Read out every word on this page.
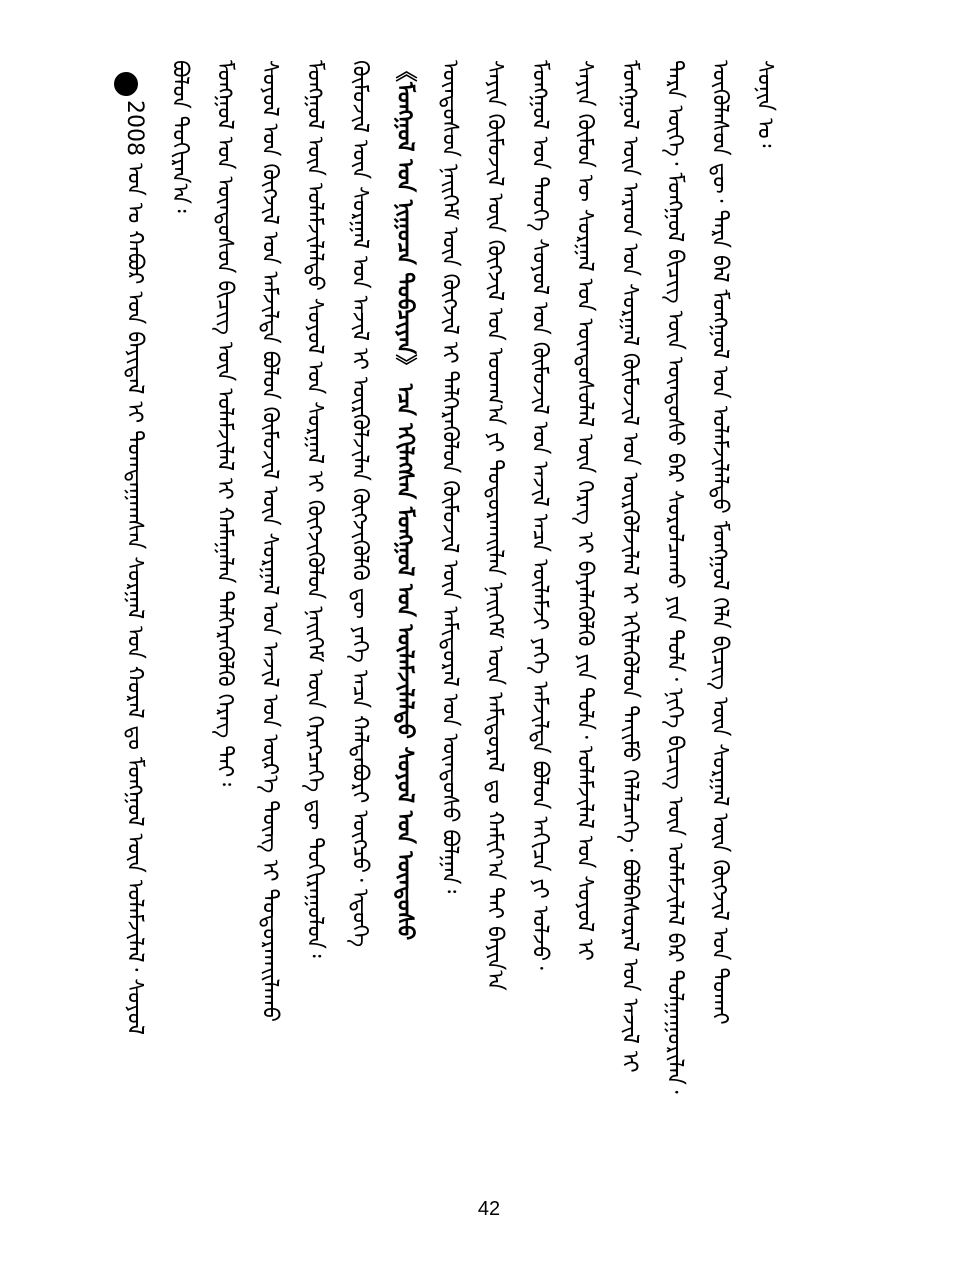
ᠰᠣᠨᠢᠨ ᠤ᠄
ᠦᠭᠦᠯᠡᠰᠦᠨ ᠳᠦ᠂ ᠲᠡᠷᠡ ᠪᠡᠯ ᠮᠣᠩᠭᠣᠯ ᠤᠨ ᠤᠯᠠᠮᠵᠢᠯᠠᠯᠳᠣ ᠮᠣᠩᠭᠣᠯ ᠬᠡᠯᠡ ᠪᠢᠴᠢᠭ ᠦᠨ ᠰᠤᠷᠭᠠᠯ ᠦᠨ ᠬᠥᠭᠵᠢᠯ ᠤᠨ ᠲᠤᠬᠠᠢ
ᠲᠡᠷᠡ ᠦᠭᠡ᠂ ᠮᠣᠩᠭᠣᠯ ᠪᠢᠴᠢᠭ ᠦᠨ ᠦᠨᠳᠦᠰᠦ ᠪᠠᠷ ᠰᠤᠷᠤᠯᠴᠠᠬᠤ ᠶᠢᠨ ᠲᠤᠯᠠ᠂ ᠨᠢᠭᠡ ᠪᠢᠴᠢᠭ ᠦᠨ ᠤᠯᠠᠮᠵᠢᠯᠠᠯ ᠪᠠᠷ ᠲᠤᠯᠭᠠᠭᠤᠷᠢᠯᠠᠨ᠂
ᠮᠣᠩᠭᠣᠯ ᠦᠨ ᠠᠷᠠᠳ ᠤᠨ ᠰᠤᠷᠭᠠᠯ ᠬᠦᠮᠦᠵᠢᠯ ᠤᠨ ᠦᠷᠭᠦᠯᠵᠢᠯᠡᠯ ᠢ ᠡᠬᠢᠯᠡᠭᠦᠯᠦᠨ ᠲᠡᠶ᠋ᠢᠮᠦ ᠬᠡᠯᠡᠯᠴᠡᠭᠡ᠂ ᠪᠣᠯᠪᠠᠰᠤᠷᠠᠯ ᠤᠨ ᠠᠵᠢᠯ ᠢ
ᠰᠠᠶᠢᠨ ᠬᠦᠮᠦᠨ ᠦ ᠰᠤᠷᠭᠠᠯ ᠤᠨ ᠦᠨᠳᠦᠰᠦᠯᠡᠯ ᠦᠨ ᠬᠡᠷᠡᠭ ᠢ ᠪᠡᠶᠡᠯᠡᠭᠦᠯᠬᠦ ᠶᠢᠨ ᠲᠤᠯᠠ᠂ ᠤᠯᠠᠮᠵᠢᠯᠠᠯ ᠤᠨ ᠰᠣᠶᠤᠯ ᠢ
ᠮᠣᠩᠭᠣᠯ ᠤᠨ ᠲᠡᠦᠬᠡ ᠰᠣᠶᠤᠯ ᠤᠨ ᠬᠦᠮᠦᠵᠢᠯ ᠤᠨ ᠠᠵᠢᠯ ᠠᠴᠠ ᠦᠯᠡᠮᠵᠢ ᠶᠡᠬᠡ ᠠᠮᠵᠢᠯᠲᠠ ᠪᠣᠯᠤᠨ ᠠᠬᠢᠴᠠ ᠶᠢ ᠣᠯᠵᠤ᠂
ᠰᠠᠶᠢᠨ ᠬᠦᠮᠦᠵᠢᠯ ᠦᠨ ᠬᠥᠭᠵᠢᠯ ᠤᠨ ᠤᠳᠬ᠎ᠠ ᠶᠢ ᠲᠣᠳᠣᠷᠬᠠᠢᠯᠠᠨ ᠨᠡᠢᠭᠡᠮ ᠦᠨ ᠠᠮᠢᠳᠤᠷᠠᠯ ᠳᠤ ᠬᠠᠮᠢᠶ᠎ᠠ ᠲᠠᠢ ᠪᠠᠶᠢᠨ᠎ᠠ
ᠦᠨᠳᠦᠰᠦᠨ ᠨᠡᠢᠭᠡᠮ ᠦᠨ ᠬᠥᠭᠵᠢᠯ ᠢ ᠲᠡᠯᠭᠡᠷᠡᠭᠦᠯᠦᠨ ᠬᠦᠮᠦᠵᠢᠯ ᠦᠨ ᠠᠮᠢᠳᠤᠷᠠᠯ ᠤᠨ ᠦᠨᠳᠦᠰᠦ ᠪᠣᠯᠭᠠᠨ᠄
《ᠮᠣᠩᠭᠣᠯ ᠤᠨ ᠨᠢᠭᠤᠴᠠ ᠲᠣᠪᠴᠢᠶᠠᠨ》 ᠡᠴᠡ ᠡᠬᠢᠯᠡᠭᠰᠡᠨ ᠮᠣᠩᠭᠣᠯ ᠤᠨ ᠦᠯᠠᠮᠵᠢᠯᠠᠯᠲᠤ ᠰᠣᠶᠤᠯ ᠤᠨ ᠦᠨᠳᠦᠰᠦ
ᠬᠦᠮᠦᠵᠢᠯ ᠦᠨ ᠰᠤᠷᠭᠠᠯ ᠤᠨ ᠠᠵᠢᠯ ᠢ ᠦᠷᠭᠦᠯᠵᠢᠯᠡᠨ ᠬᠥᠭᠵᠢᠭᠦᠯᠬᠦ ᠳᠦ ᠶᠡᠬᠡ ᠠᠴᠠ ᠬᠠᠯᠳᠠᠪᠤᠷᠢ ᠥᠭᠴᠦ᠂ ᠡᠳᠦᠭᠡ
ᠮᠣᠩᠭᠣᠯ ᠦᠨ ᠤᠯᠠᠮᠵᠢᠯᠠᠯᠲᠤ ᠰᠣᠶᠤᠯ ᠤᠨ ᠰᠤᠷᠭᠠᠯ ᠢ ᠬᠥᠭᠵᠢᠭᠦᠯᠦᠨ ᠨᠡᠢᠭᠡᠮ ᠦᠨ ᠬᠡᠷᠡᠭᠴᠡᠭᠡ ᠳᠦ ᠲᠣᠬᠢᠷᠠᠭᠤᠯᠤᠨ᠄
ᠰᠣᠶᠤᠯ ᠤᠨ ᠬᠥᠭᠵᠢᠯ ᠤᠨ ᠠᠮᠵᠢᠯᠲᠠ ᠪᠣᠯᠤᠨ ᠬᠦᠮᠦᠵᠢᠯ ᠦᠨ ᠰᠤᠷᠭᠠᠯ ᠤᠨ ᠠᠵᠢᠯ ᠤᠨ ᠦᠷ᠎ᠡ ᠳᠦᠩ ᠢ ᠲᠣᠳᠣᠷᠬᠠᠢᠯᠠᠬᠤ
ᠮᠣᠩᠭᠣᠯ ᠤᠨ ᠦᠨᠳᠦᠰᠦᠨ ᠪᠢᠴᠢᠭ ᠦᠨ ᠤᠯᠠᠮᠵᠢᠯᠠᠯ ᠢ ᠬᠠᠮᠠᠭᠠᠯᠠᠨ ᠲᠡᠯᠭᠡᠷᠡᠭᠦᠯᠬᠦ ᠬᠡᠷᠡᠭ ᠲᠡᠢ᠄
ᠪᠣᠯᠤᠨ ᠲᠣᠬᠢᠷᠠᠨ᠎ᠠ᠄
2008 ᠣᠨ ᠤ ᠬᠠᠪᠤᠷ ᠤᠨ ᠪᠠᠶᠢᠳᠠᠯ ᠢ ᠲᠣᠭᠲᠠᠭᠠᠭᠰᠠᠨ ᠰᠤᠷᠭᠠᠯ ᠤᠨ ᠬᠤᠷᠠᠯ ᠳᠤ ᠮᠣᠩᠭᠣᠯ ᠦᠨ ᠤᠯᠠᠮᠵᠢᠯᠠᠯ᠂ ᠰᠣᠶᠤᠯ
42
